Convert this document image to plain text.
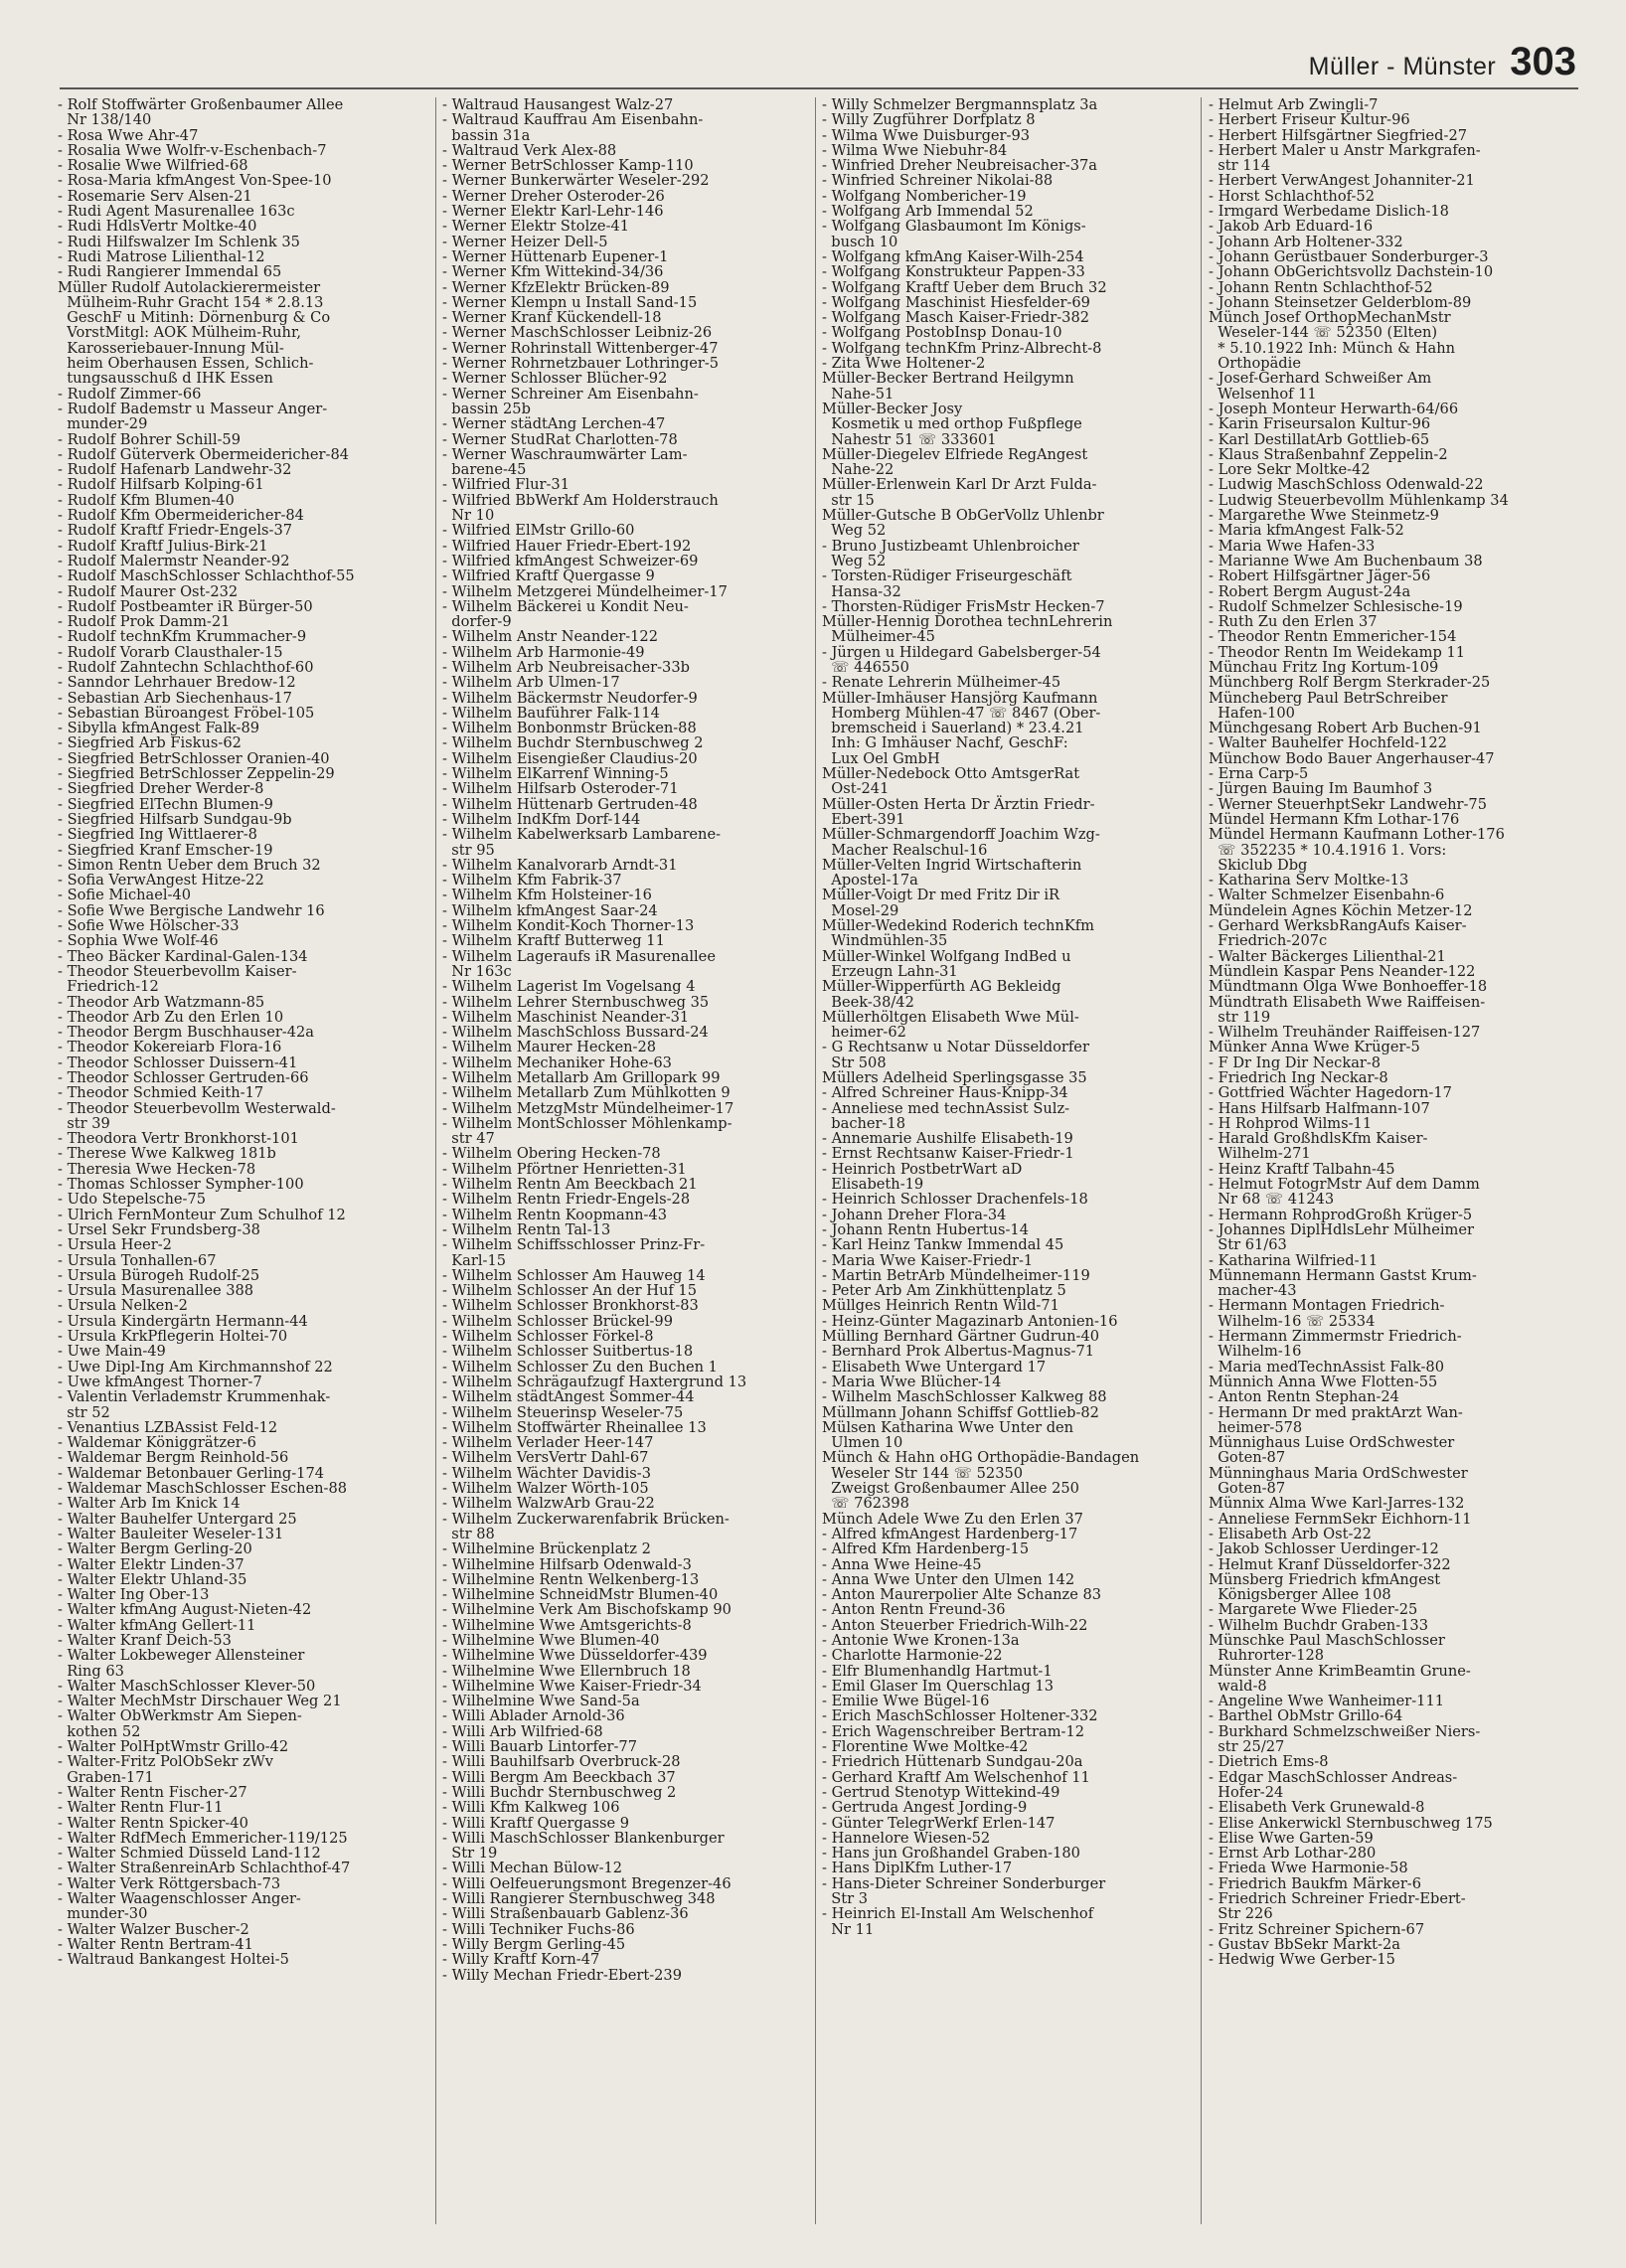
Müller - Münster 303
- Rolf Stoffwärter Großenbaumer Allee
Nr 138/140
- Rosa Wwe Ahr-47
- Rosalia Wwe Wolfr-v-Eschenbach-7
- Rosalie Wwe Wilfried-68
- Rosa-Maria kfmAngest Von-Spee-10
- Rosemarie Serv Alsen-21
- Rudi Agent Masurenallee 163c
- Rudi HdlsVertr Moltke-40
- Rudi Hilfswalzer Im Schlenk 35
- Rudi Matrose Lilienthal-12
- Rudi Rangierer Immendal 65
Müller Rudolf Autolackierermeister
Mülheim-Ruhr Gracht 154 * 2.8.13
GeschF u Mitinh: Dörnenburg & Co
VorstMitgl: AOK Mülheim-Ruhr,
Karosseriebauer-Innung Mül-
heim Oberhausen Essen, Schlich-
tungsausschuß d IHK Essen
- Rudolf Zimmer-66
- Rudolf Bademstr u Masseur Anger-
munder-29
- Rudolf Bohrer Schill-59
- Rudolf Güterverk Obermeidericher-84
- Rudolf Hafenarb Landwehr-32
- Rudolf Hilfsarb Kolping-61
- Rudolf Kfm Blumen-40
- Rudolf Kfm Obermeidericher-84
- Rudolf Kraftf Friedr-Engels-37
- Rudolf Kraftf Julius-Birk-21
- Rudolf Malermstr Neander-92
- Rudolf MaschSchlosser Schlachthof-55
- Rudolf Maurer Ost-232
- Rudolf Postbeamter iR Bürger-50
- Rudolf Prok Damm-21
- Rudolf technKfm Krummacher-9
- Rudolf Vorarb Clausthaler-15
- Rudolf Zahntechn Schlachthof-60
- Sanndor Lehrhauer Bredow-12
- Sebastian Arb Siechenhaus-17
- Sebastian Büroangest Fröbel-105
- Sibylla kfmAngest Falk-89
- Siegfried Arb Fiskus-62
- Siegfried BetrSchlosser Oranien-40
- Siegfried BetrSchlosser Zeppelin-29
- Siegfried Dreher Werder-8
- Siegfried ElTechn Blumen-9
- Siegfried Hilfsarb Sundgau-9b
- Siegfried Ing Wittlaerer-8
- Siegfried Kranf Emscher-19
- Simon Rentn Ueber dem Bruch 32
- Sofia VerwAngest Hitze-22
- Sofie Michael-40
- Sofie Wwe Bergische Landwehr 16
- Sofie Wwe Hölscher-33
- Sophia Wwe Wolf-46
- Theo Bäcker Kardinal-Galen-134
- Theodor Steuerbevollm Kaiser-
Friedrich-12
- Theodor Arb Watzmann-85
- Theodor Arb Zu den Erlen 10
- Theodor Bergm Buschhauser-42a
- Theodor Kokereiarb Flora-16
- Theodor Schlosser Duissern-41
- Theodor Schlosser Gertruden-66
- Theodor Schmied Keith-17
- Theodor Steuerbevollm Westerwald-
str 39
- Theodora Vertr Bronkhorst-101
- Therese Wwe Kalkweg 181b
- Theresia Wwe Hecken-78
- Thomas Schlosser Sympher-100
- Udo Stepelsche-75
- Ulrich FernMonteur Zum Schulhof 12
- Ursel Sekr Frundsberg-38
- Ursula Heer-2
- Ursula Tonhallen-67
- Ursula Bürogeh Rudolf-25
- Ursula Masurenallee 388
- Ursula Nelken-2
- Ursula Kindergärtn Hermann-44
- Ursula KrkPflegerin Holtei-70
- Uwe Main-49
- Uwe Dipl-Ing Am Kirchmannshof 22
- Uwe kfmAngest Thorner-7
- Valentin Verlademstr Krummenhak-
str 52
- Venantius LZBAssist Feld-12
- Waldemar Königgrätzer-6
- Waldemar Bergm Reinhold-56
- Waldemar Betonbauer Gerling-174
- Waldemar MaschSchlosser Eschen-88
- Walter Arb Im Knick 14
- Walter Bauhelfer Untergard 25
- Walter Bauleiter Weseler-131
- Walter Bergm Gerling-20
- Walter Elektr Linden-37
- Walter Elektr Uhland-35
- Walter Ing Ober-13
- Walter kfmAng August-Nieten-42
- Walter kfmAng Gellert-11
- Walter Kranf Deich-53
- Walter Lokbeweger Allensteiner
Ring 63
- Walter MaschSchlosser Klever-50
- Walter MechMstr Dirschauer Weg 21
- Walter ObWerkmstr Am Siepen-
kothen 52
- Walter PolHptWmstr Grillo-42
- Walter-Fritz PolObSekr zWv
Graben-171
- Walter Rentn Fischer-27
- Walter Rentn Flur-11
- Walter Rentn Spicker-40
- Walter RdfMech Emmericher-119/125
- Walter Schmied Düsseld Land-112
- Walter StraßenreinArb Schlachthof-47
- Walter Verk Röttgersbach-73
- Walter Waagenschlosser Anger-
munder-30
- Walter Walzer Buscher-2
- Walter Rentn Bertram-41
- Waltraud Bankangest Holtei-5
- Waltraud Hausangest Walz-27
- Waltraud Kauffrau Am Eisenbahn-
bassin 31a
- Waltraud Verk Alex-88
- Werner BetrSchlosser Kamp-110
- Werner Bunkerwärter Weseler-292
- Werner Dreher Osteroder-26
- Werner Elektr Karl-Lehr-146
- Werner Elektr Stolze-41
- Werner Heizer Dell-5
- Werner Hüttenarb Eupener-1
- Werner Kfm Wittekind-34/36
- Werner KfzElektr Brücken-89
- Werner Klempn u Install Sand-15
- Werner Kranf Kückendell-18
- Werner MaschSchlosser Leibniz-26
- Werner Rohrinstall Wittenberger-47
- Werner Rohrnetzbauer Lothringer-5
- Werner Schlosser Blücher-92
- Werner Schreiner Am Eisenbahn-
bassin 25b
- Werner städtAng Lerchen-47
- Werner StudRat Charlotten-78
- Werner Waschraumwärter Lam-
barene-45
- Wilfried Flur-31
- Wilfried BbWerkf Am Holderstrauch
Nr 10
- Wilfried ElMstr Grillo-60
- Wilfried Hauer Friedr-Ebert-192
- Wilfried kfmAngest Schweizer-69
- Wilfried Kraftf Quergasse 9
- Wilhelm Metzgerei Mündelheimer-17
- Wilhelm Bäckerei u Kondit Neu-
dorfer-9
- Wilhelm Anstr Neander-122
- Wilhelm Arb Harmonie-49
- Wilhelm Arb Neubreisacher-33b
- Wilhelm Arb Ulmen-17
- Wilhelm Bäckermstr Neudorfer-9
- Wilhelm Bauführer Falk-114
- Wilhelm Bonbonmstr Brücken-88
- Wilhelm Buchdr Sternbuschweg 2
- Wilhelm Eisengießer Claudius-20
- Wilhelm ElKarrenf Winning-5
- Wilhelm Hilfsarb Osteroder-71
- Wilhelm Hüttenarb Gertruden-48
- Wilhelm IndKfm Dorf-144
- Wilhelm Kabelwerksarb Lambarene-
str 95
- Wilhelm Kanalvorarb Arndt-31
- Wilhelm Kfm Fabrik-37
- Wilhelm Kfm Holsteiner-16
- Wilhelm kfmAngest Saar-24
- Wilhelm Kondit-Koch Thorner-13
- Wilhelm Kraftf Butterweg 11
- Wilhelm Lageraufs iR Masurenallee
Nr 163c
- Wilhelm Lagerist Im Vogelsang 4
- Wilhelm Lehrer Sternbuschweg 35
- Wilhelm Maschinist Neander-31
- Wilhelm MaschSchloss Bussard-24
- Wilhelm Maurer Hecken-28
- Wilhelm Mechaniker Hohe-63
- Wilhelm Metallarb Am Grillopark 99
- Wilhelm Metallarb Zum Mühlkotten 9
- Wilhelm MetzgMstr Mündelheimer-17
- Wilhelm MontSchlosser Möhlenkamp-
str 47
- Wilhelm Obering Hecken-78
- Wilhelm Pförtner Henrietten-31
- Wilhelm Rentn Am Beeckbach 21
- Wilhelm Rentn Friedr-Engels-28
- Wilhelm Rentn Koopmann-43
- Wilhelm Rentn Tal-13
- Wilhelm Schiffsschlosser Prinz-Fr-
Karl-15
- Wilhelm Schlosser Am Hauweg 14
- Wilhelm Schlosser An der Huf 15
- Wilhelm Schlosser Bronkhorst-83
- Wilhelm Schlosser Brückel-99
- Wilhelm Schlosser Förkel-8
- Wilhelm Schlosser Suitbertus-18
- Wilhelm Schlosser Zu den Buchen 1
- Wilhelm Schrägaufzugf Haxtergrund 13
- Wilhelm städtAngest Sommer-44
- Wilhelm Steuerinsp Weseler-75
- Wilhelm Stoffwärter Rheinallee 13
- Wilhelm Verlader Heer-147
- Wilhelm VersVertr Dahl-67
- Wilhelm Wächter Davidis-3
- Wilhelm Walzer Wörth-105
- Wilhelm WalzwArb Grau-22
- Wilhelm Zuckerwarenfabrik Brücken-
str 88
- Wilhelmine Brückenplatz 2
- Wilhelmine Hilfsarb Odenwald-3
- Wilhelmine Rentn Welkenberg-13
- Wilhelmine SchneidMstr Blumen-40
- Wilhelmine Verk Am Bischofskamp 90
- Wilhelmine Wwe Amtsgerichts-8
- Wilhelmine Wwe Blumen-40
- Wilhelmine Wwe Düsseldorfer-439
- Wilhelmine Wwe Ellernbruch 18
- Wilhelmine Wwe Kaiser-Friedr-34
- Wilhelmine Wwe Sand-5a
- Willi Ablader Arnold-36
- Willi Arb Wilfried-68
- Willi Bauarb Lintorfer-77
- Willi Bauhilfsarb Overbruck-28
- Willi Bergm Am Beeckbach 37
- Willi Buchdr Sternbuschweg 2
- Willi Kfm Kalkweg 106
- Willi Kraftf Quergasse 9
- Willi MaschSchlosser Blankenburger
Str 19
- Willi Mechan Bülow-12
- Willi Oelfeuerungsmont Bregenzer-46
- Willi Rangierer Sternbuschweg 348
- Willi Straßenbauarb Gablenz-36
- Willi Techniker Fuchs-86
- Willy Bergm Gerling-45
- Willy Kraftf Korn-47
- Willy Mechan Friedr-Ebert-239
- Willy Schmelzer Bergmannsplatz 3a
- Willy Zugführer Dorfplatz 8
- Wilma Wwe Duisburger-93
- Wilma Wwe Niebuhr-84
- Winfried Dreher Neubreisacher-37a
- Winfried Schreiner Nikolai-88
- Wolfgang Nombericher-19
- Wolfgang Arb Immendal 52
- Wolfgang Glasbaumont Im Königs-
busch 10
- Wolfgang kfmAng Kaiser-Wilh-254
- Wolfgang Konstrukteur Pappen-33
- Wolfgang Kraftf Ueber dem Bruch 32
- Wolfgang Maschinist Hiesfelder-69
- Wolfgang Masch Kaiser-Friedr-382
- Wolfgang PostobInsp Donau-10
- Wolfgang technKfm Prinz-Albrecht-8
- Zita Wwe Holtener-2
Müller-Becker Bertrand Heilgymn
Nahe-51
Müller-Becker Josy
Kosmetik u med orthop Fußpflege
Nahestr 51 ☏ 333601
Müller-Diegelev Elfriede RegAngest
Nahe-22
Müller-Erlenwein Karl Dr Arzt Fulda-
str 15
Müller-Gutsche B ObGerVollz Uhlenbr
Weg 52
- Bruno Justizbeamt Uhlenbroicher
Weg 52
- Torsten-Rüdiger Friseurgeschäft
Hansa-32
- Thorsten-Rüdiger FrisMstr Hecken-7
Müller-Hennig Dorothea technLehrerin
Mülheimer-45
- Jürgen u Hildegard Gabelsberger-54
☏ 446550
- Renate Lehrerin Mülheimer-45
Müller-Imhäuser Hansjörg Kaufmann
Homberg Mühlen-47 ☏ 8467 (Ober-
bremscheid i Sauerland) * 23.4.21
Inh: G Imhäuser Nachf, GeschF:
Lux Oel GmbH
Müller-Nedebock Otto AmtsgerRat
Ost-241
Müller-Osten Herta Dr Ärztin Friedr-
Ebert-391
Müller-Schmargendorff Joachim Wzg-
Macher Realschul-16
Müller-Velten Ingrid Wirtschafterin
Apostel-17a
Müller-Voigt Dr med Fritz Dir iR
Mosel-29
Müller-Wedekind Roderich technKfm
Windmühlen-35
Müller-Winkel Wolfgang IndBed u
Erzeugn Lahn-31
Müller-Wipperfürth AG Bekleidg
Beek-38/42
Müllerhöltgen Elisabeth Wwe Mül-
heimer-62
- G Rechtsanw u Notar Düsseldorfer
Str 508
Müllers Adelheid Sperlingsgasse 35
- Alfred Schreiner Haus-Knipp-34
- Anneliese med technAssist Sulz-
bacher-18
- Annemarie Aushilfe Elisabeth-19
- Ernst Rechtsanw Kaiser-Friedr-1
- Heinrich PostbetrWart aD
Elisabeth-19
- Heinrich Schlosser Drachenfels-18
- Johann Dreher Flora-34
- Johann Rentn Hubertus-14
- Karl Heinz Tankw Immendal 45
- Maria Wwe Kaiser-Friedr-1
- Martin BetrArb Mündelheimer-119
- Peter Arb Am Zinkhüttenplatz 5
Müllges Heinrich Rentn Wild-71
- Heinz-Günter Magazinarb Antonien-16
Mülling Bernhard Gärtner Gudrun-40
- Bernhard Prok Albertus-Magnus-71
- Elisabeth Wwe Untergard 17
- Maria Wwe Blücher-14
- Wilhelm MaschSchlosser Kalkweg 88
Müllmann Johann Schiffsf Gottlieb-82
Mülsen Katharina Wwe Unter den
Ulmen 10
Münch & Hahn oHG Orthopädie-Bandagen
Weseler Str 144 ☏ 52350
Zweigst Großenbaumer Allee 250
☏ 762398
Münch Adele Wwe Zu den Erlen 37
- Alfred kfmAngest Hardenberg-17
- Alfred Kfm Hardenberg-15
- Anna Wwe Heine-45
- Anna Wwe Unter den Ulmen 142
- Anton Maurerpolier Alte Schanze 83
- Anton Rentn Freund-36
- Anton Steuerber Friedrich-Wilh-22
- Antonie Wwe Kronen-13a
- Charlotte Harmonie-22
- Elfr Blumenhandlg Hartmut-1
- Emil Glaser Im Querschlag 13
- Emilie Wwe Bügel-16
- Erich MaschSchlosser Holtener-332
- Erich Wagenschreiber Bertram-12
- Florentine Wwe Moltke-42
- Friedrich Hüttenarb Sundgau-20a
- Gerhard Kraftf Am Welschenhof 11
- Gertrud Stenotyp Wittekind-49
- Gertruda Angest Jording-9
- Günter TelegrWerkf Erlen-147
- Hannelore Wiesen-52
- Hans jun Großhandel Graben-180
- Hans DiplKfm Luther-17
- Hans-Dieter Schreiner Sonderburger
Str 3
- Heinrich El-Install Am Welschenhof
Nr 11
- Helmut Arb Zwingli-7
- Herbert Friseur Kultur-96
- Herbert Hilfsgärtner Siegfried-27
- Herbert Maler u Anstr Markgrafen-
str 114
- Herbert VerwAngest Johanniter-21
- Horst Schlachthof-52
- Irmgard Werbedame Dislich-18
- Jakob Arb Eduard-16
- Johann Arb Holtener-332
- Johann Gerüstbauer Sonderburger-3
- Johann ObGerichtsvollz Dachstein-10
- Johann Rentn Schlachthof-52
- Johann Steinsetzer Gelderblom-89
Münch Josef OrthopMechanMstr
Weseler-144 ☏ 52350 (Elten)
* 5.10.1922 Inh: Münch & Hahn
Orthopädie
- Josef-Gerhard Schweißer Am
Welsenhof 11
- Joseph Monteur Herwarth-64/66
- Karin Friseursalon Kultur-96
- Karl DestillatArb Gottlieb-65
- Klaus Straßenbahnf Zeppelin-2
- Lore Sekr Moltke-42
- Ludwig MaschSchloss Odenwald-22
- Ludwig Steuerbevollm Mühlenkamp 34
- Margarethe Wwe Steinmetz-9
- Maria kfmAngest Falk-52
- Maria Wwe Hafen-33
- Marianne Wwe Am Buchenbaum 38
- Robert Hilfsgärtner Jäger-56
- Robert Bergm August-24a
- Rudolf Schmelzer Schlesische-19
- Ruth Zu den Erlen 37
- Theodor Rentn Emmericher-154
- Theodor Rentn Im Weidekamp 11
Münchau Fritz Ing Kortum-109
Münchberg Rolf Bergm Sterkrader-25
Müncheberg Paul BetrSchreiber
Hafen-100
Münchgesang Robert Arb Buchen-91
- Walter Bauhelfer Hochfeld-122
Münchow Bodo Bauer Angerhauser-47
- Erna Carp-5
- Jürgen Bauing Im Baumhof 3
- Werner SteuerhptSekr Landwehr-75
Mündel Hermann Kfm Lothar-176
Mündel Hermann Kaufmann Lother-176
☏ 352235 * 10.4.1916 1. Vors:
Skiclub Dbg
- Katharina Serv Moltke-13
- Walter Schmelzer Eisenbahn-6
Mündelein Agnes Köchin Metzer-12
- Gerhard WerksbRangAufs Kaiser-
Friedrich-207c
- Walter Bäckerges Lilienthal-21
Mündlein Kaspar Pens Neander-122
Mündtmann Olga Wwe Bonhoeffer-18
Mündtrath Elisabeth Wwe Raiffeisen-
str 119
- Wilhelm Treuhänder Raiffeisen-127
Münker Anna Wwe Krüger-5
- F Dr Ing Dir Neckar-8
- Friedrich Ing Neckar-8
- Gottfried Wächter Hagedorn-17
- Hans Hilfsarb Halfmann-107
- H Rohprod Wilms-11
- Harald GroßhdlsKfm Kaiser-
Wilhelm-271
- Heinz Kraftf Talbahn-45
- Helmut FotogrMstr Auf dem Damm
Nr 68 ☏ 41243
- Hermann RohprodGroßh Krüger-5
- Johannes DiplHdlsLehr Mülheimer
Str 61/63
- Katharina Wilfried-11
Münnemann Hermann Gastst Krum-
macher-43
- Hermann Montagen Friedrich-
Wilhelm-16 ☏ 25334
- Hermann Zimmermstr Friedrich-
Wilhelm-16
- Maria medTechnAssist Falk-80
Münnich Anna Wwe Flotten-55
- Anton Rentn Stephan-24
- Hermann Dr med praktArzt Wan-
heimer-578
Münnighaus Luise OrdSchwester
Goten-87
Münninghaus Maria OrdSchwester
Goten-87
Münnix Alma Wwe Karl-Jarres-132
- Anneliese FernmSekr Eichhorn-11
- Elisabeth Arb Ost-22
- Jakob Schlosser Uerdinger-12
- Helmut Kranf Düsseldorfer-322
Münsberg Friedrich kfmAngest
Königsberger Allee 108
- Margarete Wwe Flieder-25
- Wilhelm Buchdr Graben-133
Münschke Paul MaschSchlosser
Ruhrorter-128
Münster Anne KrimBeamtin Grune-
wald-8
- Angeline Wwe Wanheimer-111
- Barthel ObMstr Grillo-64
- Burkhard Schmelzschweißer Niers-
str 25/27
- Dietrich Ems-8
- Edgar MaschSchlosser Andreas-
Hofer-24
- Elisabeth Verk Grunewald-8
- Elise Ankerwickl Sternbuschweg 175
- Elise Wwe Garten-59
- Ernst Arb Lothar-280
- Frieda Wwe Harmonie-58
- Friedrich Baukfm Märker-6
- Friedrich Schreiner Friedr-Ebert-
Str 226
- Fritz Schreiner Spichern-67
- Gustav BbSekr Markt-2a
- Hedwig Wwe Gerber-15
